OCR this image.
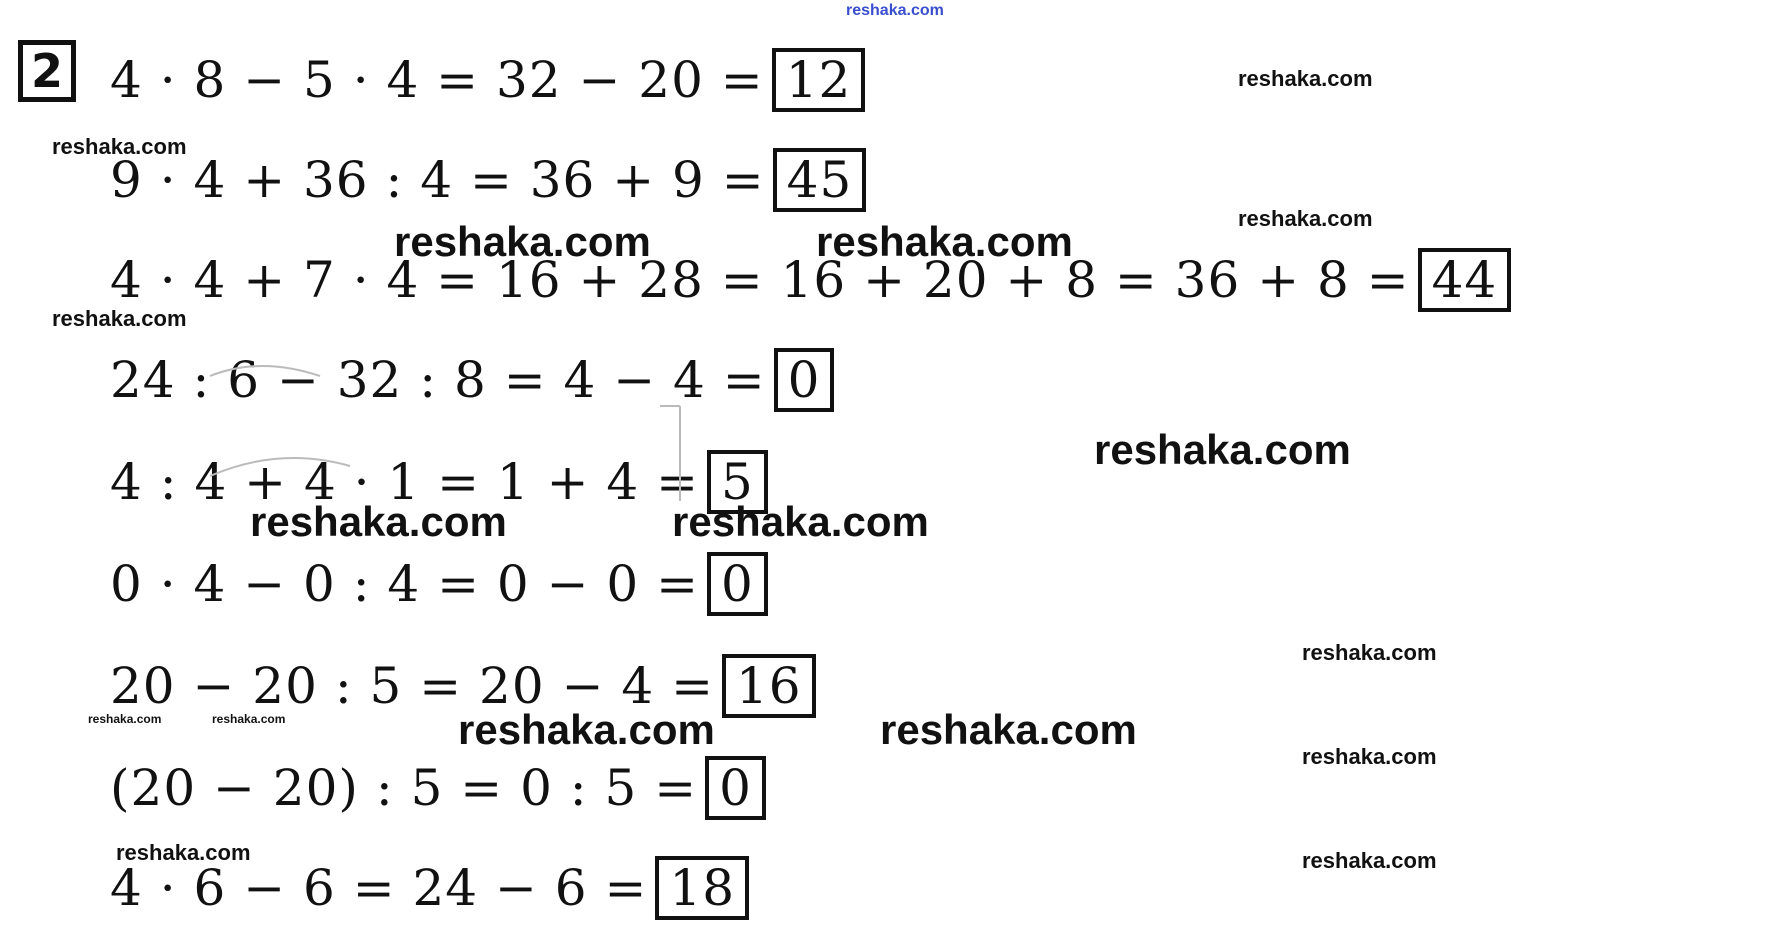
2 4 · 8 − 5 · 4 = 32 − 20 = 12
9 · 4 + 36 : 4 = 36 + 9 = 45
4 · 4 + 7 · 4 = 16 + 28 = 16 + 20 + 8 = 36 + 8 = 44
24 : 6 − 32 : 8 = 4 − 4 = 0
4 : 4 + 4 · 1 = 1 + 4 = 5
0 · 4 − 0 : 4 = 0 − 0 = 0
20 − 20 : 5 = 20 − 4 = 16
(20 − 20) : 5 = 0 : 5 = 0
4 · 6 − 6 = 24 − 6 = 18
reshaka.com
reshaka.com
reshaka.com
reshaka.com
reshaka.com	reshaka.com
reshaka.com
reshaka.com
reshaka.com	reshaka.com
reshaka.com
reshaka.com	reshaka.com	reshaka.com	reshaka.com
reshaka.com
reshaka.com	reshaka.com
